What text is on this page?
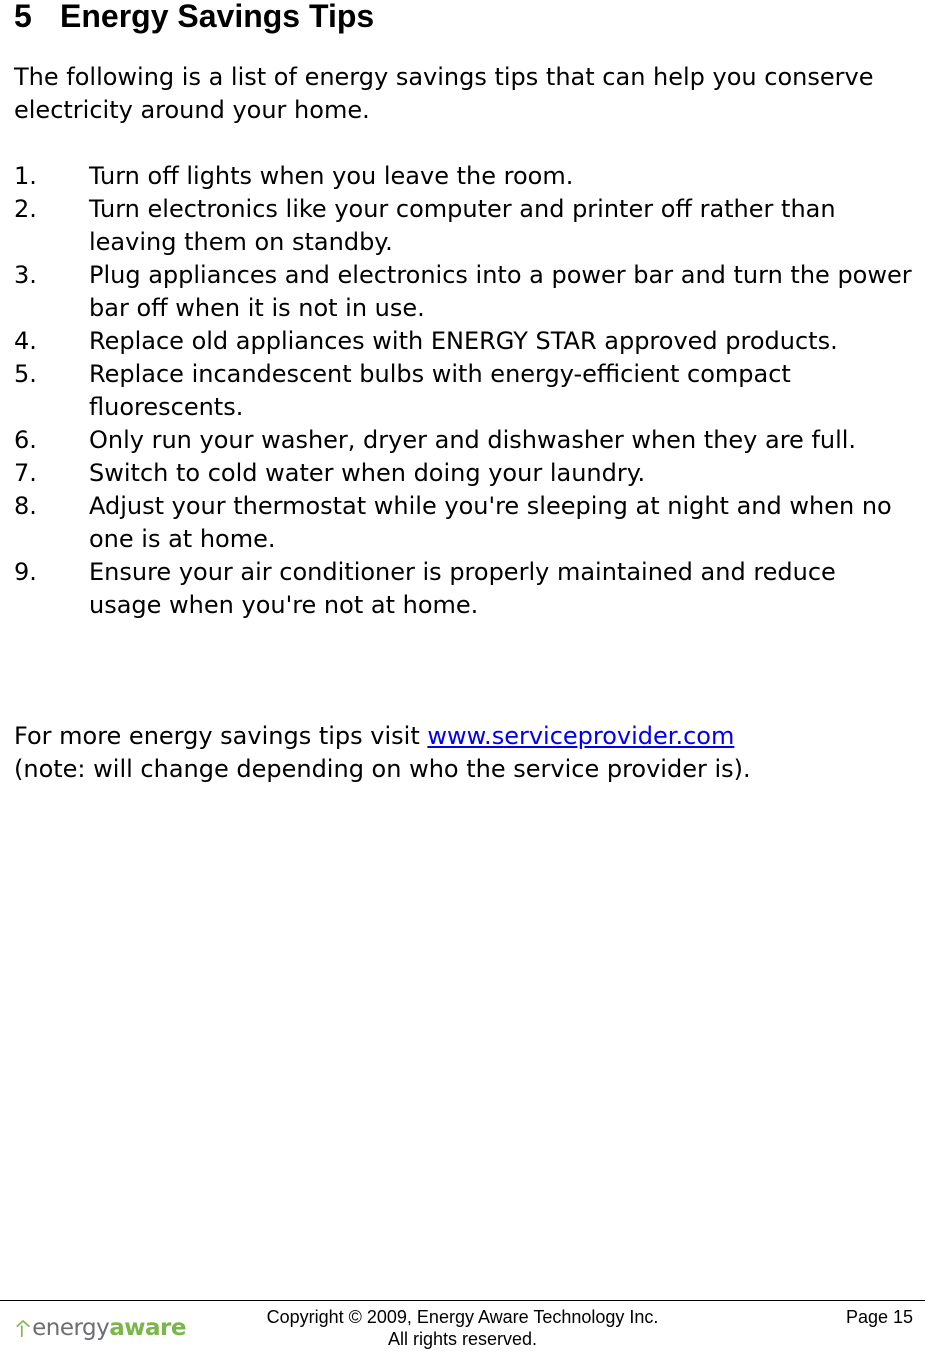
5 Energy Savings Tips

The following is a list of energy savings tips that can help you conserve electricity around your home.

1.	Turn off lights when you leave the room.
2.	Turn electronics like your computer and printer off rather than leaving them on standby.
3.	Plug appliances and electronics into a power bar and turn the power bar off when it is not in use.
4.	Replace old appliances with ENERGY STAR approved products.
5.	Replace incandescent bulbs with energy-efficient compact fluorescents.
6.	Only run your washer, dryer and dishwasher when they are full.
7.	Switch to cold water when doing your laundry.
8.	Adjust your thermostat while you're sleeping at night and when no one is at home.
9.	Ensure your air conditioner is properly maintained and reduce usage when you're not at home.

For more energy savings tips visit www.serviceprovider.com
(note: will change depending on who the service provider is).

energyaware	Copyright © 2009, Energy Aware Technology Inc.
All rights reserved.

Page 15
